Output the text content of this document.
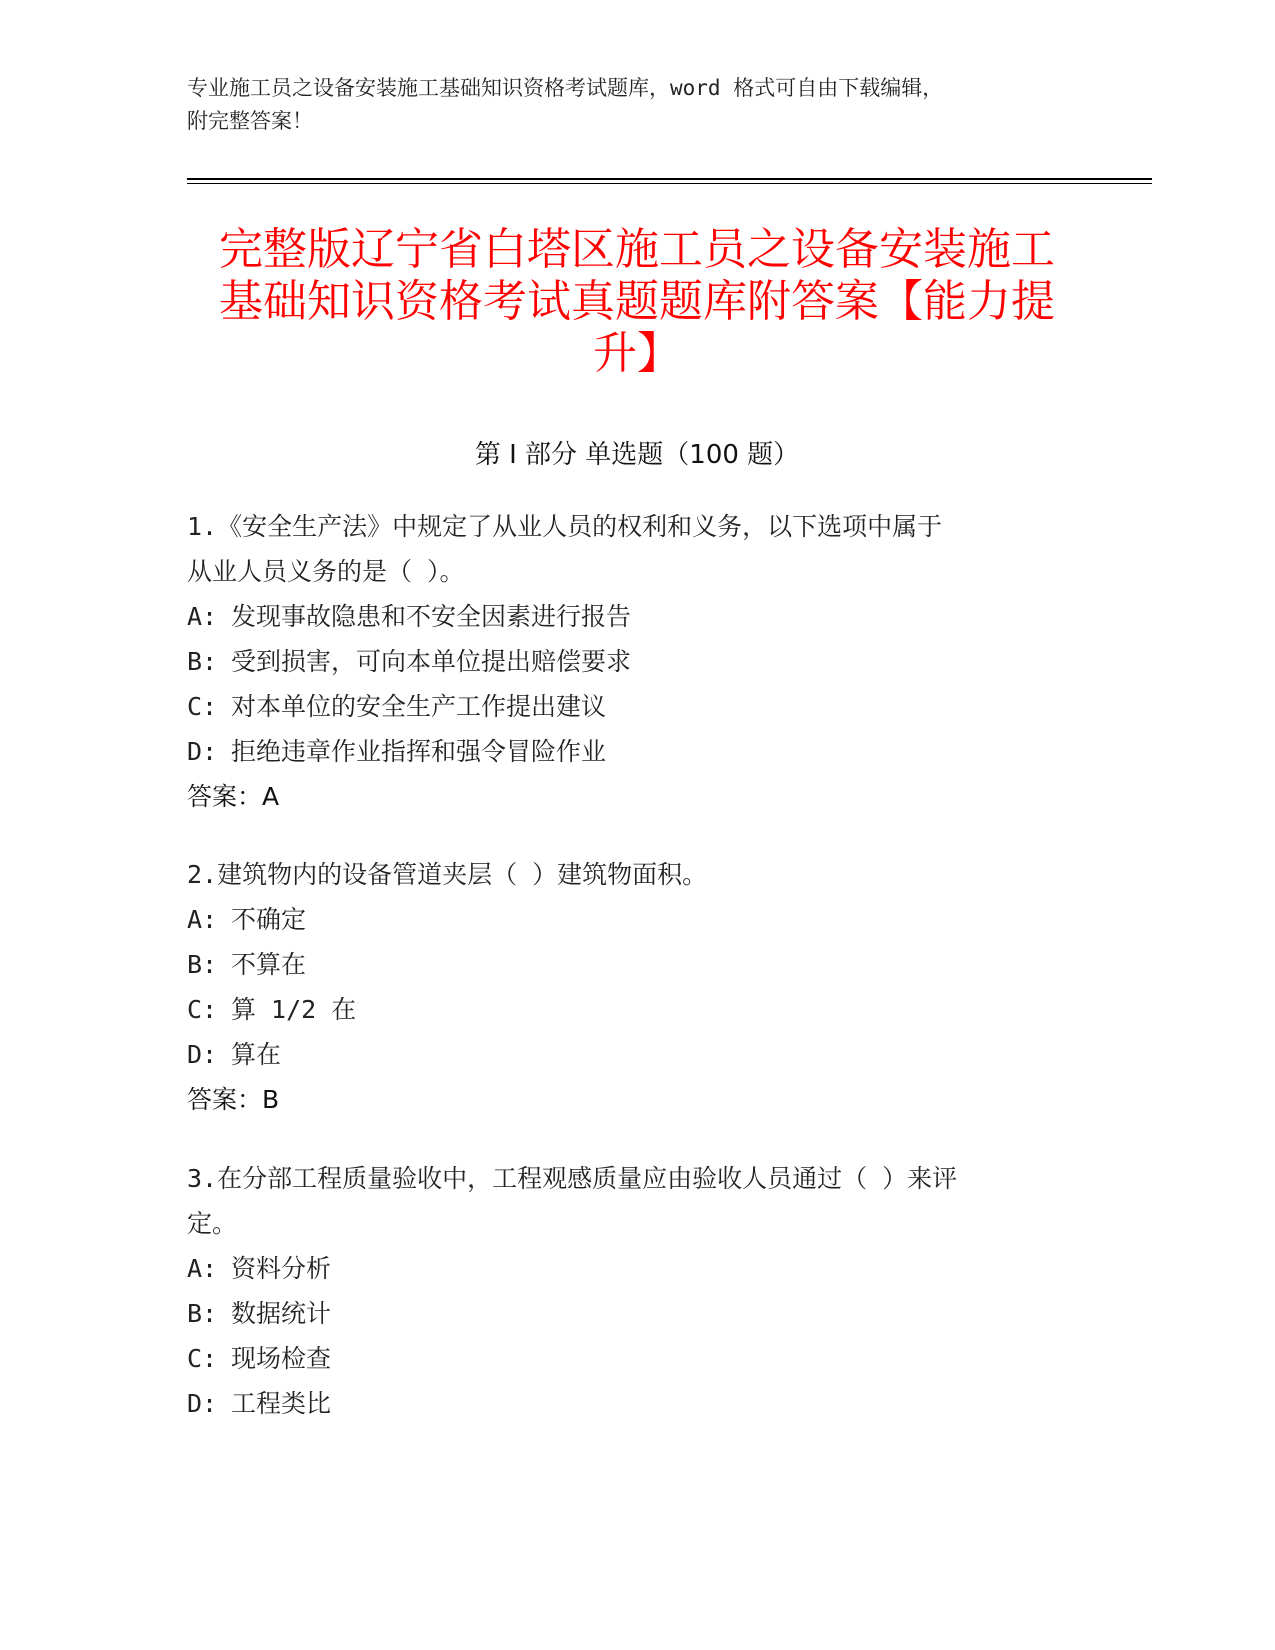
专业施工员之设备安装施工基础知识资格考试题库，word 格式可自由下载编辑，
附完整答案！
完整版辽宁省白塔区施工员之设备安装施工
基础知识资格考试真题题库附答案【能力提
升】
第 I 部分 单选题（100 题）

1.《安全生产法》中规定了从业人员的权利和义务，以下选项中属于

从业人员义务的是（ ）。

A: 发现事故隐患和不安全因素进行报告

B: 受到损害，可向本单位提出赔偿要求

C: 对本单位的安全生产工作提出建议

D: 拒绝违章作业指挥和强令冒险作业

答案：A

2.建筑物内的设备管道夹层（ ）建筑物面积。

A: 不确定

B: 不算在

C: 算 1/2 在

D: 算在

答案：B

3.在分部工程质量验收中，工程观感质量应由验收人员通过（ ）来评

定。

A: 资料分析

B: 数据统计

C: 现场检查

D: 工程类比
